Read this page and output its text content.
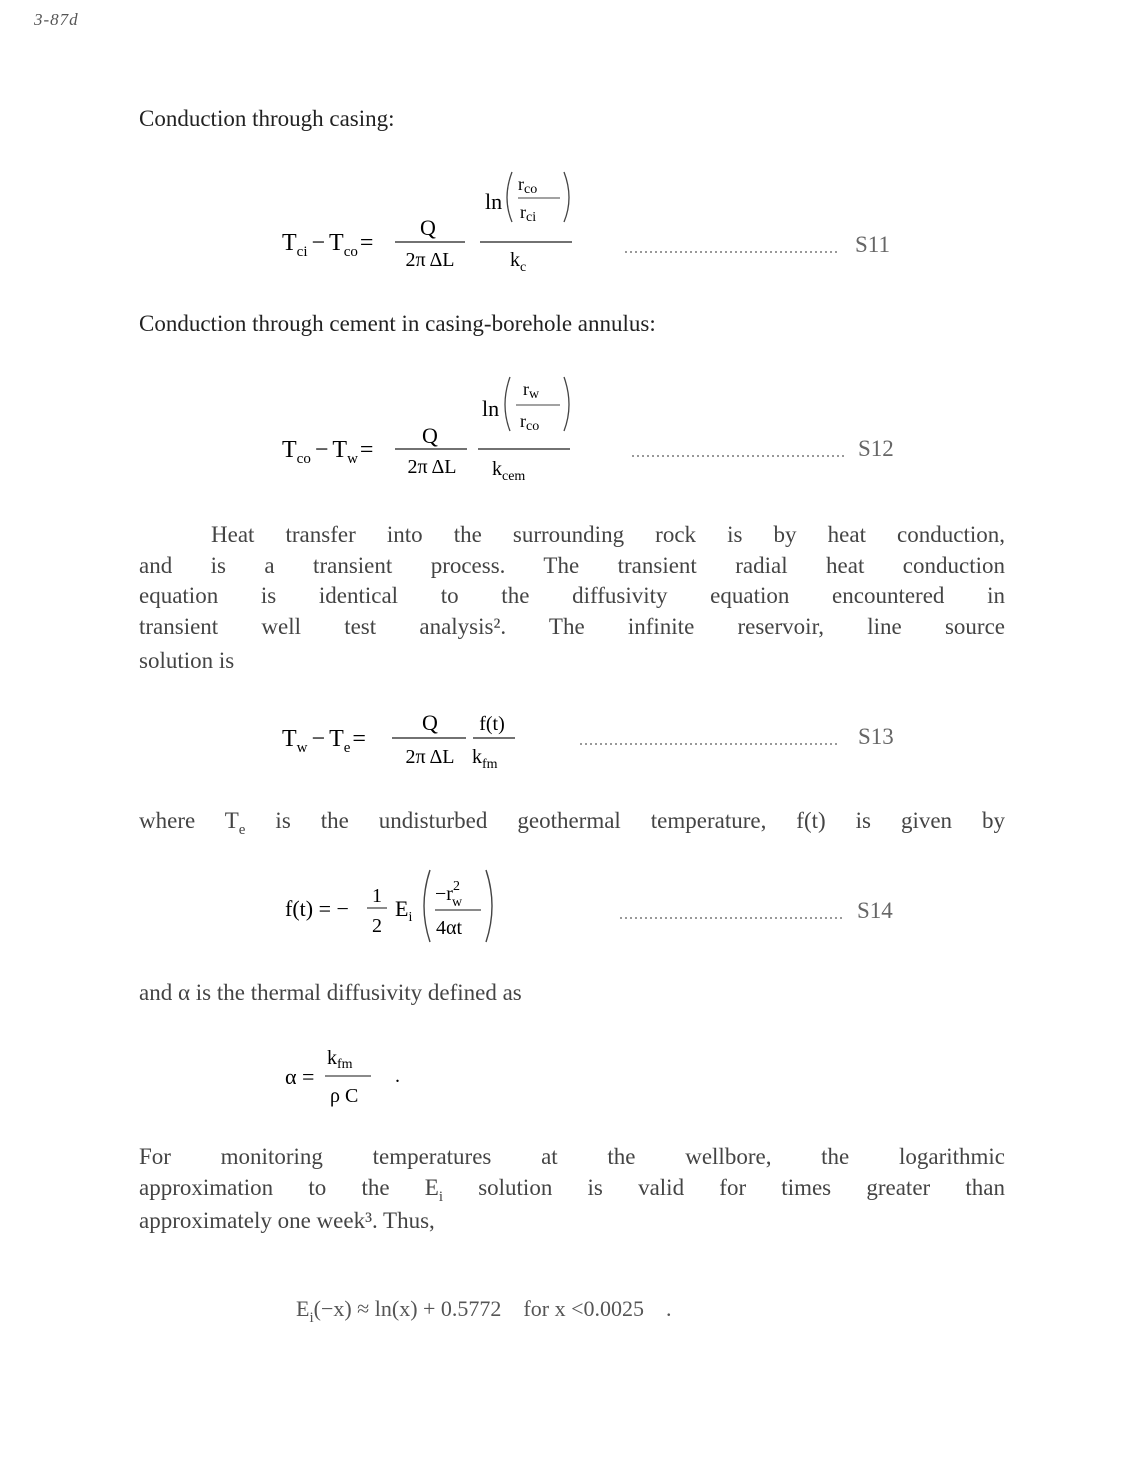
3-87d
Conduction through casing:
$T_{ci} - T_{co}=$
Q
2π ΔL
ln
rco
rci
$k_c$
S11
Conduction through cement in casing-borehole annulus:
$T_{co} - T_w=$
Q
2π ΔL
ln
rw
rco
$k_{cem}$
S12
Heat transfer into the surrounding rock is by heat conduction,
and is a transient process. The transient radial heat conduction
equation is identical to the diffusivity equation encountered in
transient well test analysis². The infinite reservoir, line source
solution is
$T_w - T_e=$
Q
2π ΔL
f(t)
$k_{fm}$
S13
where $T_e$ is the undisturbed geothermal temperature, f(t) is given by
f(t) = − 1
2
$E_i$
$-r^2$ w
4αt
S14
and α is the thermal diffusivity defined as
α =
$k_{fm}$
ρ C
.
For monitoring temperatures at the wellbore, the logarithmic
approximation to the $E_i$ solution is valid for times greater than
approximately one week³. Thus,

$E_i(-x) \approx \ln(x) + 0.5772$    for x <0.0025    .
